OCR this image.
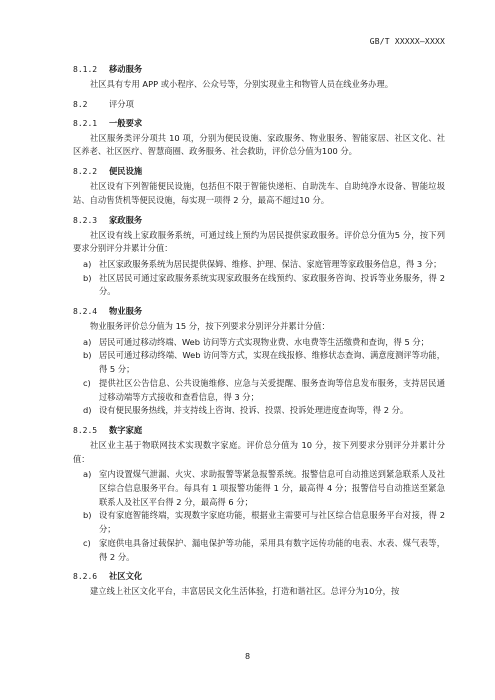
GB/T XXXXX—XXXX
8.1.2 移动服务
社区具有专用 APP 或小程序、公众号等，分别实现业主和物管人员在线业务办理。
8.2	评分项
8.2.1 一般要求
社区服务类评分项共 10 项，分别为便民设施、家政服务、物业服务、智能家居、社区文化、社区养老、社区医疗、智慧商圈、政务服务、社会救助，评价总分值为100 分。
8.2.2 便民设施
社区设有下列智能便民设施，包括但不限于智能快递柜、自助洗车、自助纯净水设备、智能垃圾站、自动售货机等便民设施，每实现一项得 2 分，最高不超过10 分。
8.2.3 家政服务
社区设有线上家政服务系统，可通过线上预约为居民提供家政服务。评价总分值为5 分，按下列要求分别评分并累计分值：
a) 社区家政服务系统为居民提供保姆、维修、护理、保洁、家庭管理等家政服务信息，得 3 分；
b) 社区居民可通过家政服务系统实现家政服务在线预约、家政服务咨询、投诉等业务服务，得 2 分。
8.2.4 物业服务
物业服务评价总分值为 15 分，按下列要求分别评分并累计分值：
a) 居民可通过移动终端、Web 访问等方式实现物业费、水电费等生活缴费和查询，得 5 分；
b) 居民可通过移动终端、Web 访问等方式，实现在线报修、维修状态查询、满意度测评等功能，得 5 分；
c) 提供社区公告信息、公共设施维修、应急与关爱提醒、服务查询等信息发布服务，支持居民通过移动端等方式接收和查看信息，得 3 分；
d) 设有便民服务热线，并支持线上咨询、投诉、投票、投诉处理进度查询等，得 2 分。
8.2.5 数字家庭
社区业主基于物联网技术实现数字家庭。评价总分值为 10 分，按下列要求分别评分并累计分值：
a) 室内设置煤气泄漏、火灾、求助报警等紧急报警系统。报警信息可自动推送到紧急联系人及社区综合信息服务平台。每具有 1 项报警功能得 1 分，最高得 4 分；报警信号自动推送至紧急联系人及社区平台得 2 分，最高得 6 分；
b) 设有家庭智能终端，实现数字家庭功能，根据业主需要可与社区综合信息服务平台对接，得 2 分；
c) 家庭供电具备过载保护、漏电保护等功能，采用具有数字远传功能的电表、水表、煤气表等，得 2 分。
8.2.6 社区文化
建立线上社区文化平台，丰富居民文化生活体验，打造和谐社区。总评分为10分，按
8
